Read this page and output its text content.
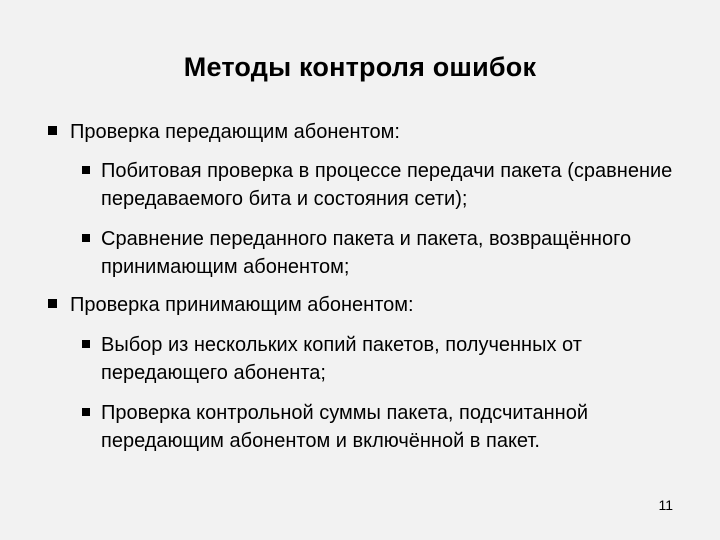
Методы контроля ошибок
Проверка передающим абонентом:
Побитовая проверка в процессе передачи пакета (сравнение передаваемого бита и состояния сети);
Сравнение переданного пакета и пакета, возвращённого принимающим абонентом;
Проверка принимающим абонентом:
Выбор из нескольких копий пакетов, полученных от передающего абонента;
Проверка контрольной суммы пакета, подсчитанной передающим абонентом и включённой в пакет.
11
